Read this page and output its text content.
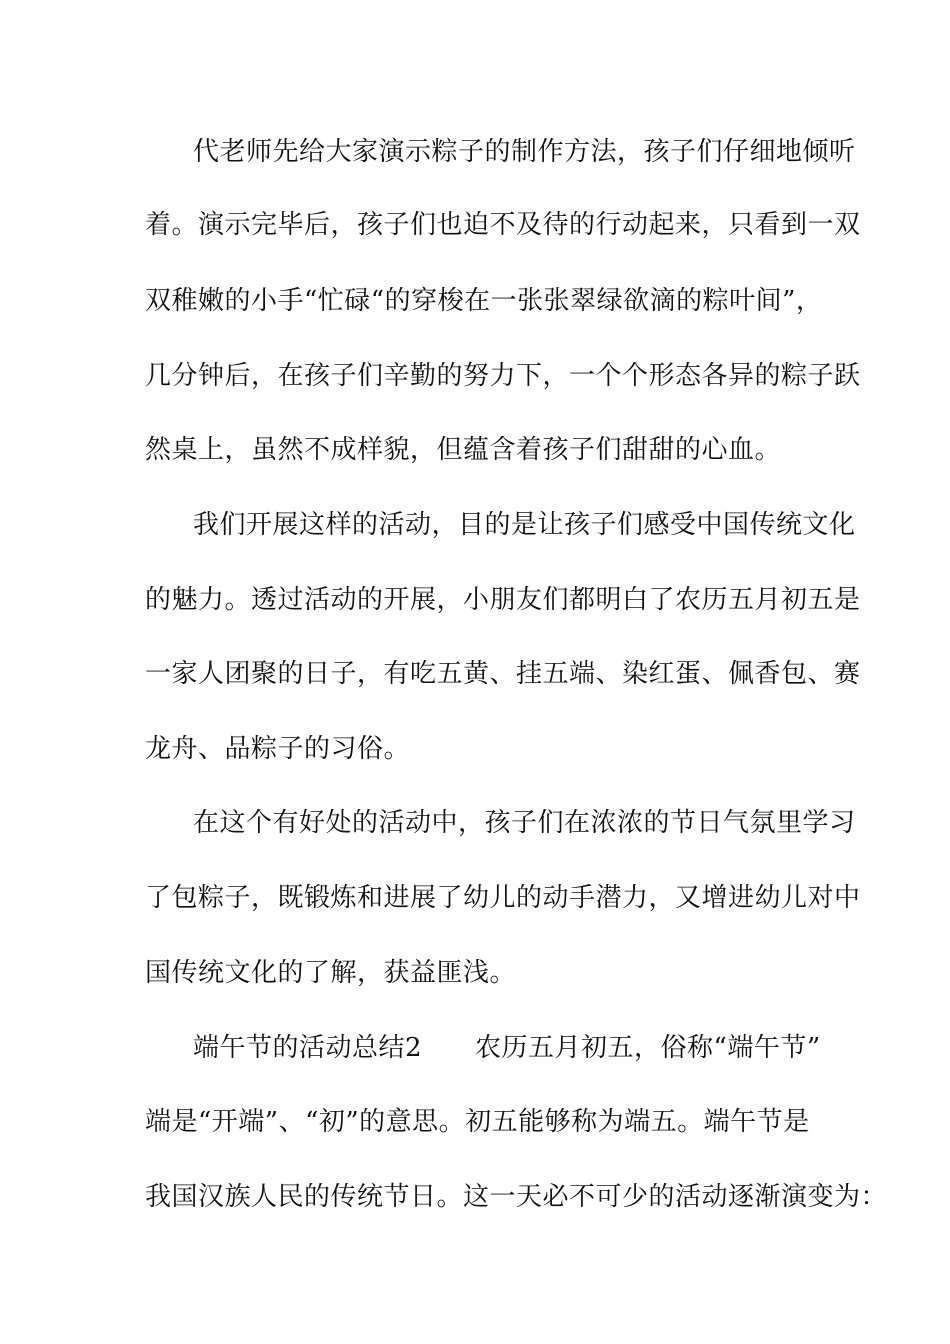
代老师先给大家演示粽子的制作方法，孩子们仔细地倾听
着。演示完毕后，孩子们也迫不及待的行动起来，只看到一双
双稚嫩的小手“忙碌“的穿梭在一张张翠绿欲滴的粽叶间”，
几分钟后，在孩子们辛勤的努力下，一个个形态各异的粽子跃
然桌上，虽然不成样貌，但蕴含着孩子们甜甜的心血。
我们开展这样的活动，目的是让孩子们感受中国传统文化
的魅力。透过活动的开展，小朋友们都明白了农历五月初五是
一家人团聚的日子，有吃五黄、挂五端、染红蛋、佩香包、赛
龙舟、品粽子的习俗。
在这个有好处的活动中，孩子们在浓浓的节日气氛里学习
了包粽子，既锻炼和进展了幼儿的动手潜力，又增进幼儿对中
国传统文化的了解，获益匪浅。
端午节的活动总结2　　农历五月初五，俗称“端午节”
端是“开端”、“初”的意思。初五能够称为端五。端午节是
我国汉族人民的传统节日。这一天必不可少的活动逐渐演变为：
